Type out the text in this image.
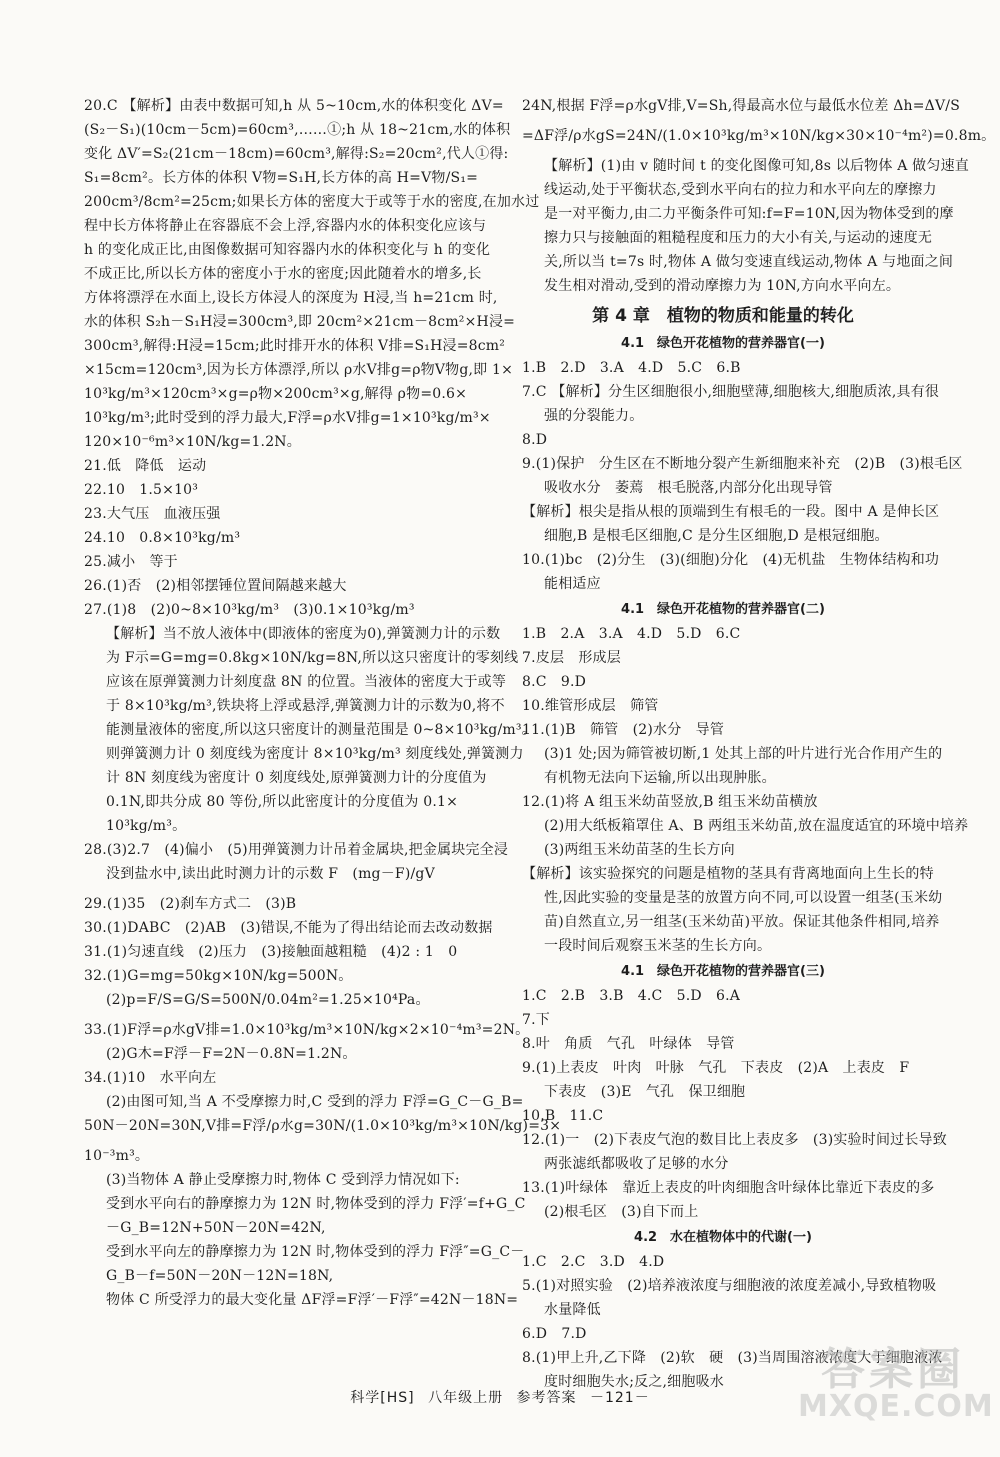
20.C 【解析】由表中数据可知,h 从 5~10cm,水的体积变化 ΔV=
(S₂－S₁)(10cm－5cm)=60cm³,……①;h 从 18~21cm,水的体积
变化 ΔV′=S₂(21cm－18cm)=60cm³,解得:S₂=20cm²,代人①得:
S₁=8cm²。长方体的体积 V物=S₁H,长方体的高 H=V物/S₁=
200cm³/8cm²=25cm;如果长方体的密度大于或等于水的密度,在加水过
程中长方体将静止在容器底不会上浮,容器内水的体积变化应该与
h 的变化成正比,由图像数据可知容器内水的体积变化与 h 的变化
不成正比,所以长方体的密度小于水的密度;因此随着水的增多,长
方体将漂浮在水面上,设长方体浸人的深度为 H浸,当 h=21cm 时,
水的体积 S₂h－S₁H浸=300cm³,即 20cm²×21cm－8cm²×H浸=
300cm³,解得:H浸=15cm;此时排开水的体积 V排=S₁H浸=8cm²
×15cm=120cm³,因为长方体漂浮,所以 ρ水V排g=ρ物V物g,即 1×
10³kg/m³×120cm³×g=ρ物×200cm³×g,解得 ρ物=0.6×
10³kg/m³;此时受到的浮力最大,F浮=ρ水V排g=1×10³kg/m³×
120×10⁻⁶m³×10N/kg=1.2N。
21.低　降低　运动
22.10　1.5×10³
23.大气压　血液压强
24.10　0.8×10³kg/m³
25.减小　等于
26.(1)否　(2)相邻摆锤位置间隔越来越大
27.(1)8　(2)0~8×10³kg/m³　(3)0.1×10³kg/m³
【解析】当不放人液体中(即液体的密度为0),弹簧测力计的示数
为 F示=G=mg=0.8kg×10N/kg=8N,所以这只密度计的零刻线
应该在原弹簧测力计刻度盘 8N 的位置。当液体的密度大于或等
于 8×10³kg/m³,铁块将上浮或悬浮,弹簧测力计的示数为0,将不
能测量液体的密度,所以这只密度计的测量范围是 0~8×10³kg/m³。
则弹簧测力计 0 刻度线为密度计 8×10³kg/m³ 刻度线处,弹簧测力
计 8N 刻度线为密度计 0 刻度线处,原弹簧测力计的分度值为
0.1N,即共分成 80 等份,所以此密度计的分度值为 0.1×
10³kg/m³。
28.(3)2.7　(4)偏小　(5)用弹簧测力计吊着金属块,把金属块完全浸
没到盐水中,读出此时测力计的示数 F　(mg－F)/gV
29.(1)35　(2)刹车方式二　(3)B
30.(1)DABC　(2)AB　(3)错误,不能为了得出结论而去改动数据
31.(1)匀速直线　(2)压力　(3)接触面越粗糙　(4)2 : 1　0
32.(1)G=mg=50kg×10N/kg=500N。
(2)p=F/S=G/S=500N/0.04m²=1.25×10⁴Pa。
33.(1)F浮=ρ水gV排=1.0×10³kg/m³×10N/kg×2×10⁻⁴m³=2N。
(2)G木=F浮－F=2N－0.8N=1.2N。
34.(1)10　水平向左
(2)由图可知,当 A 不受摩擦力时,C 受到的浮力 F浮=G_C－G_B=
50N－20N=30N,V排=F浮/ρ水g=30N/(1.0×10³kg/m³×10N/kg)=3×
10⁻³m³。
(3)当物体 A 静止受摩擦力时,物体 C 受到浮力情况如下:
受到水平向右的静摩擦力为 12N 时,物体受到的浮力 F浮′=f+G_C
－G_B=12N+50N－20N=42N,
受到水平向左的静摩擦力为 12N 时,物体受到的浮力 F浮″=G_C－
G_B－f=50N－20N－12N=18N,
物体 C 所受浮力的最大变化量 ΔF浮=F浮′－F浮″=42N－18N=
24N,根据 F浮=ρ水gV排,V=Sh,得最高水位与最低水位差 Δh=ΔV/S
=ΔF浮/ρ水gS=24N/(1.0×10³kg/m³×10N/kg×30×10⁻⁴m²)=0.8m。
【解析】(1)由 v 随时间 t 的变化图像可知,8s 以后物体 A 做匀速直
线运动,处于平衡状态,受到水平向右的拉力和水平向左的摩擦力
是一对平衡力,由二力平衡条件可知:f=F=10N,因为物体受到的摩
擦力只与接触面的粗糙程度和压力的大小有关,与运动的速度无
关,所以当 t=7s 时,物体 A 做匀变速直线运动,物体 A 与地面之间
发生相对滑动,受到的滑动摩擦力为 10N,方向水平向左。
第 4 章　植物的物质和能量的转化
4.1　绿色开花植物的营养器官(一)
1.B　2.D　3.A　4.D　5.C　6.B
7.C 【解析】分生区细胞很小,细胞壁薄,细胞核大,细胞质浓,具有很
强的分裂能力。
8.D
9.(1)保护　分生区在不断地分裂产生新细胞来补充　(2)B　(3)根毛区
吸收水分　萎蔫　根毛脱落,内部分化出现导管
【解析】根尖是指从根的顶端到生有根毛的一段。图中 A 是伸长区
细胞,B 是根毛区细胞,C 是分生区细胞,D 是根冠细胞。
10.(1)bc　(2)分生　(3)(细胞)分化　(4)无机盐　生物体结构和功
能相适应
4.1　绿色开花植物的营养器官(二)
1.B　2.A　3.A　4.D　5.D　6.C
7.皮层　形成层
8.C　9.D
10.维管形成层　筛管
11.(1)B　筛管　(2)水分　导管
(3)1 处;因为筛管被切断,1 处其上部的叶片进行光合作用产生的
有机物无法向下运输,所以出现肿胀。
12.(1)将 A 组玉米幼苗竖放,B 组玉米幼苗横放
(2)用大纸板箱罩住 A、B 两组玉米幼苗,放在温度适宜的环境中培养
(3)两组玉米幼苗茎的生长方向
【解析】该实验探究的问题是植物的茎具有背离地面向上生长的特
性,因此实验的变量是茎的放置方向不同,可以设置一组茎(玉米幼
苗)自然直立,另一组茎(玉米幼苗)平放。保证其他条件相同,培养
一段时间后观察玉米茎的生长方向。
4.1　绿色开花植物的营养器官(三)
1.C　2.B　3.B　4.C　5.D　6.A
7.下
8.叶　角质　气孔　叶绿体　导管
9.(1)上表皮　叶肉　叶脉　气孔　下表皮　(2)A　上表皮　F
下表皮　(3)E　气孔　保卫细胞
10.B　11.C
12.(1)一　(2)下表皮气泡的数目比上表皮多　(3)实验时间过长导致
两张滤纸都吸收了足够的水分
13.(1)叶绿体　靠近上表皮的叶肉细胞含叶绿体比靠近下表皮的多
(2)根毛区　(3)自下而上
4.2　水在植物体中的代谢(一)
1.C　2.C　3.D　4.D
5.(1)对照实验　(2)培养液浓度与细胞液的浓度差减小,导致植物吸
水量降低
6.D　7.D
8.(1)甲上升,乙下降　(2)软　硬　(3)当周围溶液浓度大于细胞液浓
度时细胞失水;反之,细胞吸水
科学[HS] 八年级上册 参考答案 －121－
答案圈
MXQE.COM
